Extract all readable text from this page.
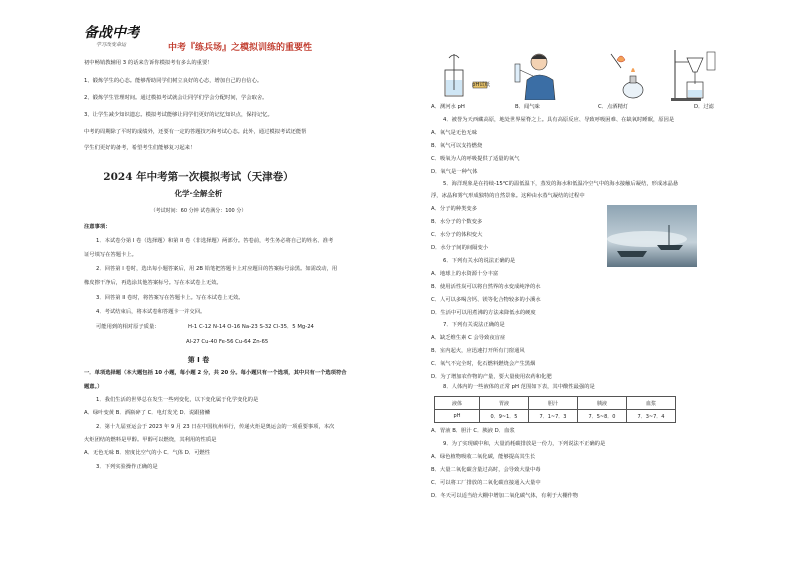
备战中考
学习改变命运	中考『练兵场』之模拟训练的重要性
初中畅销教辅用 3 的话来告诉你模拟考有多么的重要！
1、锻炼学生的心态。能够帮助同学们树立良好的心态，增加自己的自信心。
2、锻炼学生管理时间。通过模拟考试就会让同学们学会分配时间，学会取舍。
3、让学生减少知识遗忘。模拟考试能够让同学们更好的记忆知识点，保持记忆。
中考的周期除了平时的成绩外，还要有一定的答题技巧和考试心态。此外，通过模拟考试还能帮
学生们更好的备考，希望考生们能够复习起来！
2024 年中考第一次模拟考试（天津卷）
化学·全解全析
（考试时间：60 分钟 试卷满分：100 分）
注意事项：
1．本试卷分第 I 卷（选择题）和第 II 卷（非选择题）两部分。答卷前，考生务必将自己的姓名、准考
证号填写在答题卡上。
2．回答第 I 卷时，选出每小题答案后，用 2B 铅笔把答题卡上对应题目的答案标号涂黑。如需改动，用
橡皮擦干净后，再选涂其他答案标号。写在本试卷上无效。
3．回答第 II 卷时，将答案写在答题卡上。写在本试卷上无效。
4．考试结束后，将本试卷和答题卡一并交回。
可能用到的相对原子质量：	H-1 C-12 N-14 O-16 Na-23 S-32 Cl-35．5 Mg-24
Al-27 Cu-40 Fe-56 Cu-64 Zn-65
第 I 卷
一．单项选择题（本大题包括 10 小题，每小题 2 分，共 20 分。每小题只有一个选项，其中只有一个选项符合
题意。）
1．我们生活的世界总在发生一些列变化，以下变化属于化学变化的是
A．绿叶变黄 B．酒瓶碎了 C．电灯发光 D．说跟猪鳞
2．第十九届亚运会于 2023 年 9 月 23 日在中国杭州举行，传递火炬是奥运会的一项重要事项，本次
火炬团结的燃料是甲醇。甲醇可以燃烧，其利用的性质是
A．无色无味 B．密度比空气的小 C．气体 D．可燃性
3．下列实验操作正确的是
pH试纸
A．测河水 pH	B．闻气味	C．点酒精灯	D．过滤
4．被誉为天西藏高原，地处世界屋脊之上。具有高原反应、导致呼吸困难、在缺氧时睡眠，原因是
A．氧气是无色无味
B．氧气可以支持燃烧
C．吸氧为人的呼吸提供了适量的氧气
D．氧气是一种气体
5．海洋现象是在持续-15℃的温低温下，蒸发的海水和低温冷空气中的海水接触后凝结，形成冰晶悬
浮，冰晶和雾气形成独特的自然景象。这种由水蒸气凝结的过程中
A．分子的种类变多
B．水分子的个数变多
C．水分子的体积变大
D．水分子间的间隔变小
6．下列有关水的说法正确的是
A．地球上的水资源十分丰富
B．使用活性炭可以将自然界的水变成纯净的水
C．人可以多喝含钙、镁等化合物较多的小溪水
D．生活中可以用煮沸的方法来降低水的硬度
7．下列有关说法正确的是
A．缺乏维生素 C 会导致夜盲症
B．室内起火，应迅速打开所有门窗通风
C．氧气不完全时，化石燃料燃烧会产生黑烟
D．为了增加农作物的产量，要大量使用农药和化肥
8．人体内的一些液体的正常 pH 范围如下表，其中酸性最强的是
液体	胃液	胆汁	胰液	血浆
pH	0．9~1．5	7．1~7．3	7．5~8．0	7．3~7．4
A．胃液 B．胆汁 C．胰液 D．血浆
9．为了实现碳中和，大量消耗碳排放是一份力，下列说法不正确的是
A．绿色植物吸收二氧化碳，能够提高其生长
B．大量二氧化碳含量过高时，会导致大量中毒
C．可以将工厂排放的二氧化碳直接通入大量中
D．冬天可以适当给大棚中增加二氧化碳气体，有利于大棚作物
